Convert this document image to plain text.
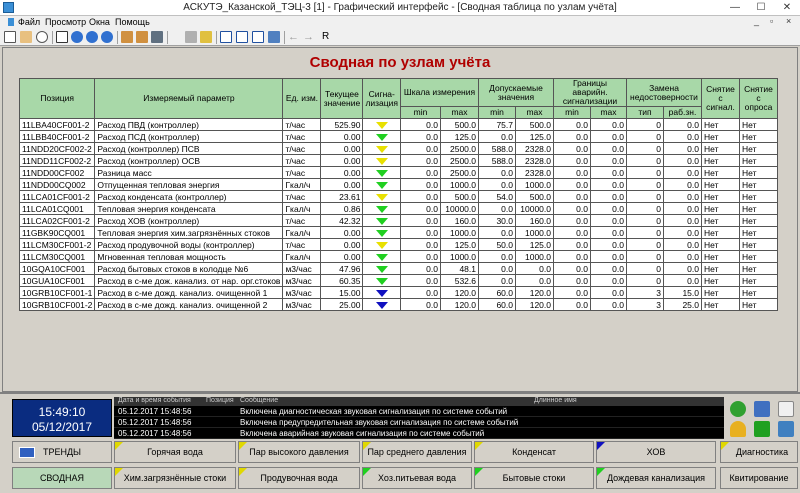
АСКУТЭ_Казанской_ТЭЦ-3 [1] - Графический интерфейс - [Сводная таблица по узлам учёта]	—	☐	✕
Файл Просмотр Окна Помощь	_ ▫ ×
← → R
Сводная по узлам учёта
Позиция	Измеряемый параметр	Ед. изм.	Текущее значение	Сигна-лизация	Шкала измерения		Допускаемые значения		Границы аварийн. сигнализации		Замена недостоверности		Снятие с сигнал.	Снятие с опроса
					min	max	min	max	min	max	тип	раб.зн.		
11LBA40CF001-2	Расход ПВД (контроллер)	т/час	525.90		0.0	500.0	75.7	500.0	0.0	0.0	0	0.0	Нет	Нет
11LBB40CF001-2	Расход ПСД (контроллер)	т/час	0.00		0.0	125.0	0.0	125.0	0.0	0.0	0	0.0	Нет	Нет
11NDD20CF002-2	Расход (контроллер) ПСВ	т/час	0.00		0.0	2500.0	588.0	2328.0	0.0	0.0	0	0.0	Нет	Нет
11NDD11CF002-2	Расход (контроллер) ОСВ	т/час	0.00		0.0	2500.0	588.0	2328.0	0.0	0.0	0	0.0	Нет	Нет
11NDD00CF002	Разница масс	т/час	0.00		0.0	2500.0	0.0	2328.0	0.0	0.0	0	0.0	Нет	Нет
11NDD00CQ002	Отпущенная тепловая энергия	Гкал/ч	0.00		0.0	1000.0	0.0	1000.0	0.0	0.0	0	0.0	Нет	Нет
11LCA01CF001-2	Расход конденсата (контроллер)	т/час	23.61		0.0	500.0	54.0	500.0	0.0	0.0	0	0.0	Нет	Нет
11LCA01CQ001	Тепловая энергия конденсата	Гкал/ч	0.86		0.0	10000.0	0.0	10000.0	0.0	0.0	0	0.0	Нет	Нет
11LCA02CF001-2	Расход ХОВ (контроллер)	т/час	42.32		0.0	160.0	30.0	160.0	0.0	0.0	0	0.0	Нет	Нет
11GBK90CQ001	Тепловая энергия хим.загрязнённых стоков	Гкал/ч	0.00		0.0	1000.0	0.0	1000.0	0.0	0.0	0	0.0	Нет	Нет
11LCM30CF001-2	Расход продувочной воды (контроллер)	т/час	0.00		0.0	125.0	50.0	125.0	0.0	0.0	0	0.0	Нет	Нет
11LCM30CQ001	Мгновенная тепловая мощность	Гкал/ч	0.00		0.0	1000.0	0.0	1000.0	0.0	0.0	0	0.0	Нет	Нет
10GQA10CF001	Расход бытовых стоков в колодце №6	м3/час	47.96		0.0	48.1	0.0	0.0	0.0	0.0	0	0.0	Нет	Нет
10GUA10CF001	Расход в с-ме дож. канализ. от нар. орг.стоков	м3/час	60.35		0.0	532.6	0.0	0.0	0.0	0.0	0	0.0	Нет	Нет
10GRB10CF001-1	Расход в с-ме дожд. канализ. очищенной 1	м3/час	15.00		0.0	120.0	60.0	120.0	0.0	0.0	3	15.0	Нет	Нет
10GRB10CF001-2	Расход в с-ме дожд. канализ. очищенной 2	м3/час	25.00		0.0	120.0	60.0	120.0	0.0	0.0	3	25.0	Нет	Нет
15:49:10
05/12/2017
Дата и время события Позиция Сообщение	Длинное имя
05.12.2017 15:48:56	Включена диагностическая звуковая сигнализация по системе событий
05.12.2017 15:48:56	Включена предупредительная звуковая сигнализация по системе событий
05.12.2017 15:48:56	Включена аварийная звуковая сигнализация по системе событий
ТРЕНДЫ	Горячая вода	Пар высокого давления	Пар среднего давления	Конденсат	ХОВ	Диагностика
СВОДНАЯ	Хим.загрязнённые стоки	Продувочная вода	Хоз.питьевая вода	Бытовые стоки	Дождевая канализация	Квитирование
